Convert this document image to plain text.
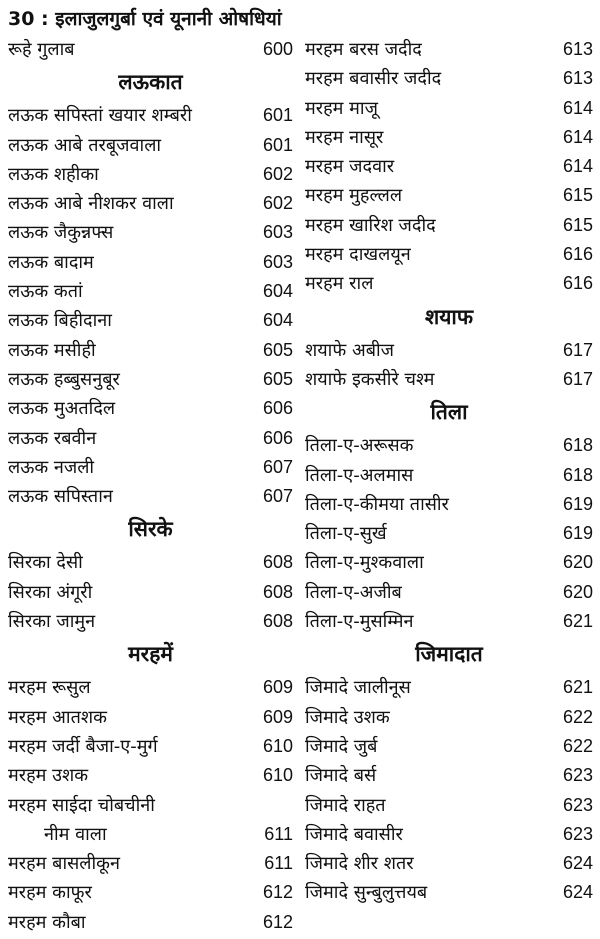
30 : इलाजुलगुर्बा एवं यूनानी ओषधियां
रूहे गुलाब	600
लऊकात
लऊक सपिस्तां खयार शम्बरी	601
लऊक आबे तरबूजवाला	601
लऊक शहीका	602
लऊक आबे नीशकर वाला	602
लऊक जैकुन्नफ्स	603
लऊक बादाम	603
लऊक कतां	604
लऊक बिहीदाना	604
लऊक मसीही	605
लऊक हब्बुसनुबूर	605
लऊक मुअतदिल	606
लऊक रबवीन	606
लऊक नजली	607
लऊक सपिस्तान	607
सिरके
सिरका देसी	608
सिरका अंगूरी	608
सिरका जामुन	608
मरहमें
मरहम रूसुल	609
मरहम आतशक	609
मरहम जर्दी बैजा-ए-मुर्ग	610
मरहम उशक	610
मरहम साईदा चोबचीनी
नीम वाला	611
मरहम बासलीकून	611
मरहम काफूर	612
मरहम कौबा	612
मरहम बरस जदीद	613
मरहम बवासीर जदीद	613
मरहम माजू	614
मरहम नासूर	614
मरहम जदवार	614
मरहम मुहल्लल	615
मरहम खारिश जदीद	615
मरहम दाखलयून	616
मरहम राल	616
शयाफ
शयाफे अबीज	617
शयाफे इकसीरे चश्म	617
तिला
तिला-ए-अरूसक	618
तिला-ए-अलमास	618
तिला-ए-कीमया तासीर	619
तिला-ए-सुर्ख	619
तिला-ए-मुश्कवाला	620
तिला-ए-अजीब	620
तिला-ए-मुसम्मिन	621
जिमादात
जिमादे जालीनूस	621
जिमादे उशक	622
जिमादे जुर्ब	622
जिमादे बर्स	623
जिमादे राहत	623
जिमादे बवासीर	623
जिमादे शीर शतर	624
जिमादे सुन्बुलुत्तयब	624
